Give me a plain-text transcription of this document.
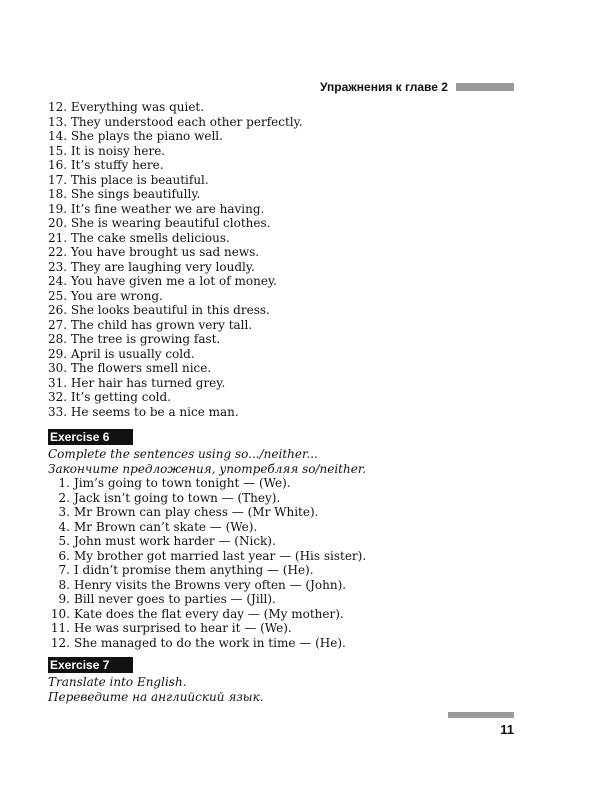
Упражнения к главе 2
12. Everything was quiet.
13. They understood each other perfectly.
14. She plays the piano well.
15. It is noisy here.
16. It’s stuffy here.
17. This place is beautiful.
18. She sings beautifully.
19. It’s fine weather we are having.
20. She is wearing beautiful clothes.
21. The cake smells delicious.
22. You have brought us sad news.
23. They are laughing very loudly.
24. You have given me a lot of money.
25. You are wrong.
26. She looks beautiful in this dress.
27. The child has grown very tall.
28. The tree is growing fast.
29. April is usually cold.
30. The flowers smell nice.
31. Her hair has turned grey.
32. It’s getting cold.
33. He seems to be a nice man.
Exercise 6

Complete the sentences using so.../neither...

Закончите предложения, употребляя so/neither.

1. Jim’s going to town tonight — (We).
2. Jack isn’t going to town — (They).
3. Mr Brown can play chess — (Mr White).
4. Mr Brown can’t skate — (We).
5. John must work harder — (Nick).
6. My brother got married last year — (His sister).
7. I didn’t promise them anything — (He).
8. Henry visits the Browns very often — (John).
9. Bill never goes to parties — (Jill).
10. Kate does the flat every day — (My mother).
11. He was surprised to hear it — (We).
12. She managed to do the work in time — (He).
Exercise 7

Translate into English.

Переведите на английский язык.

11
